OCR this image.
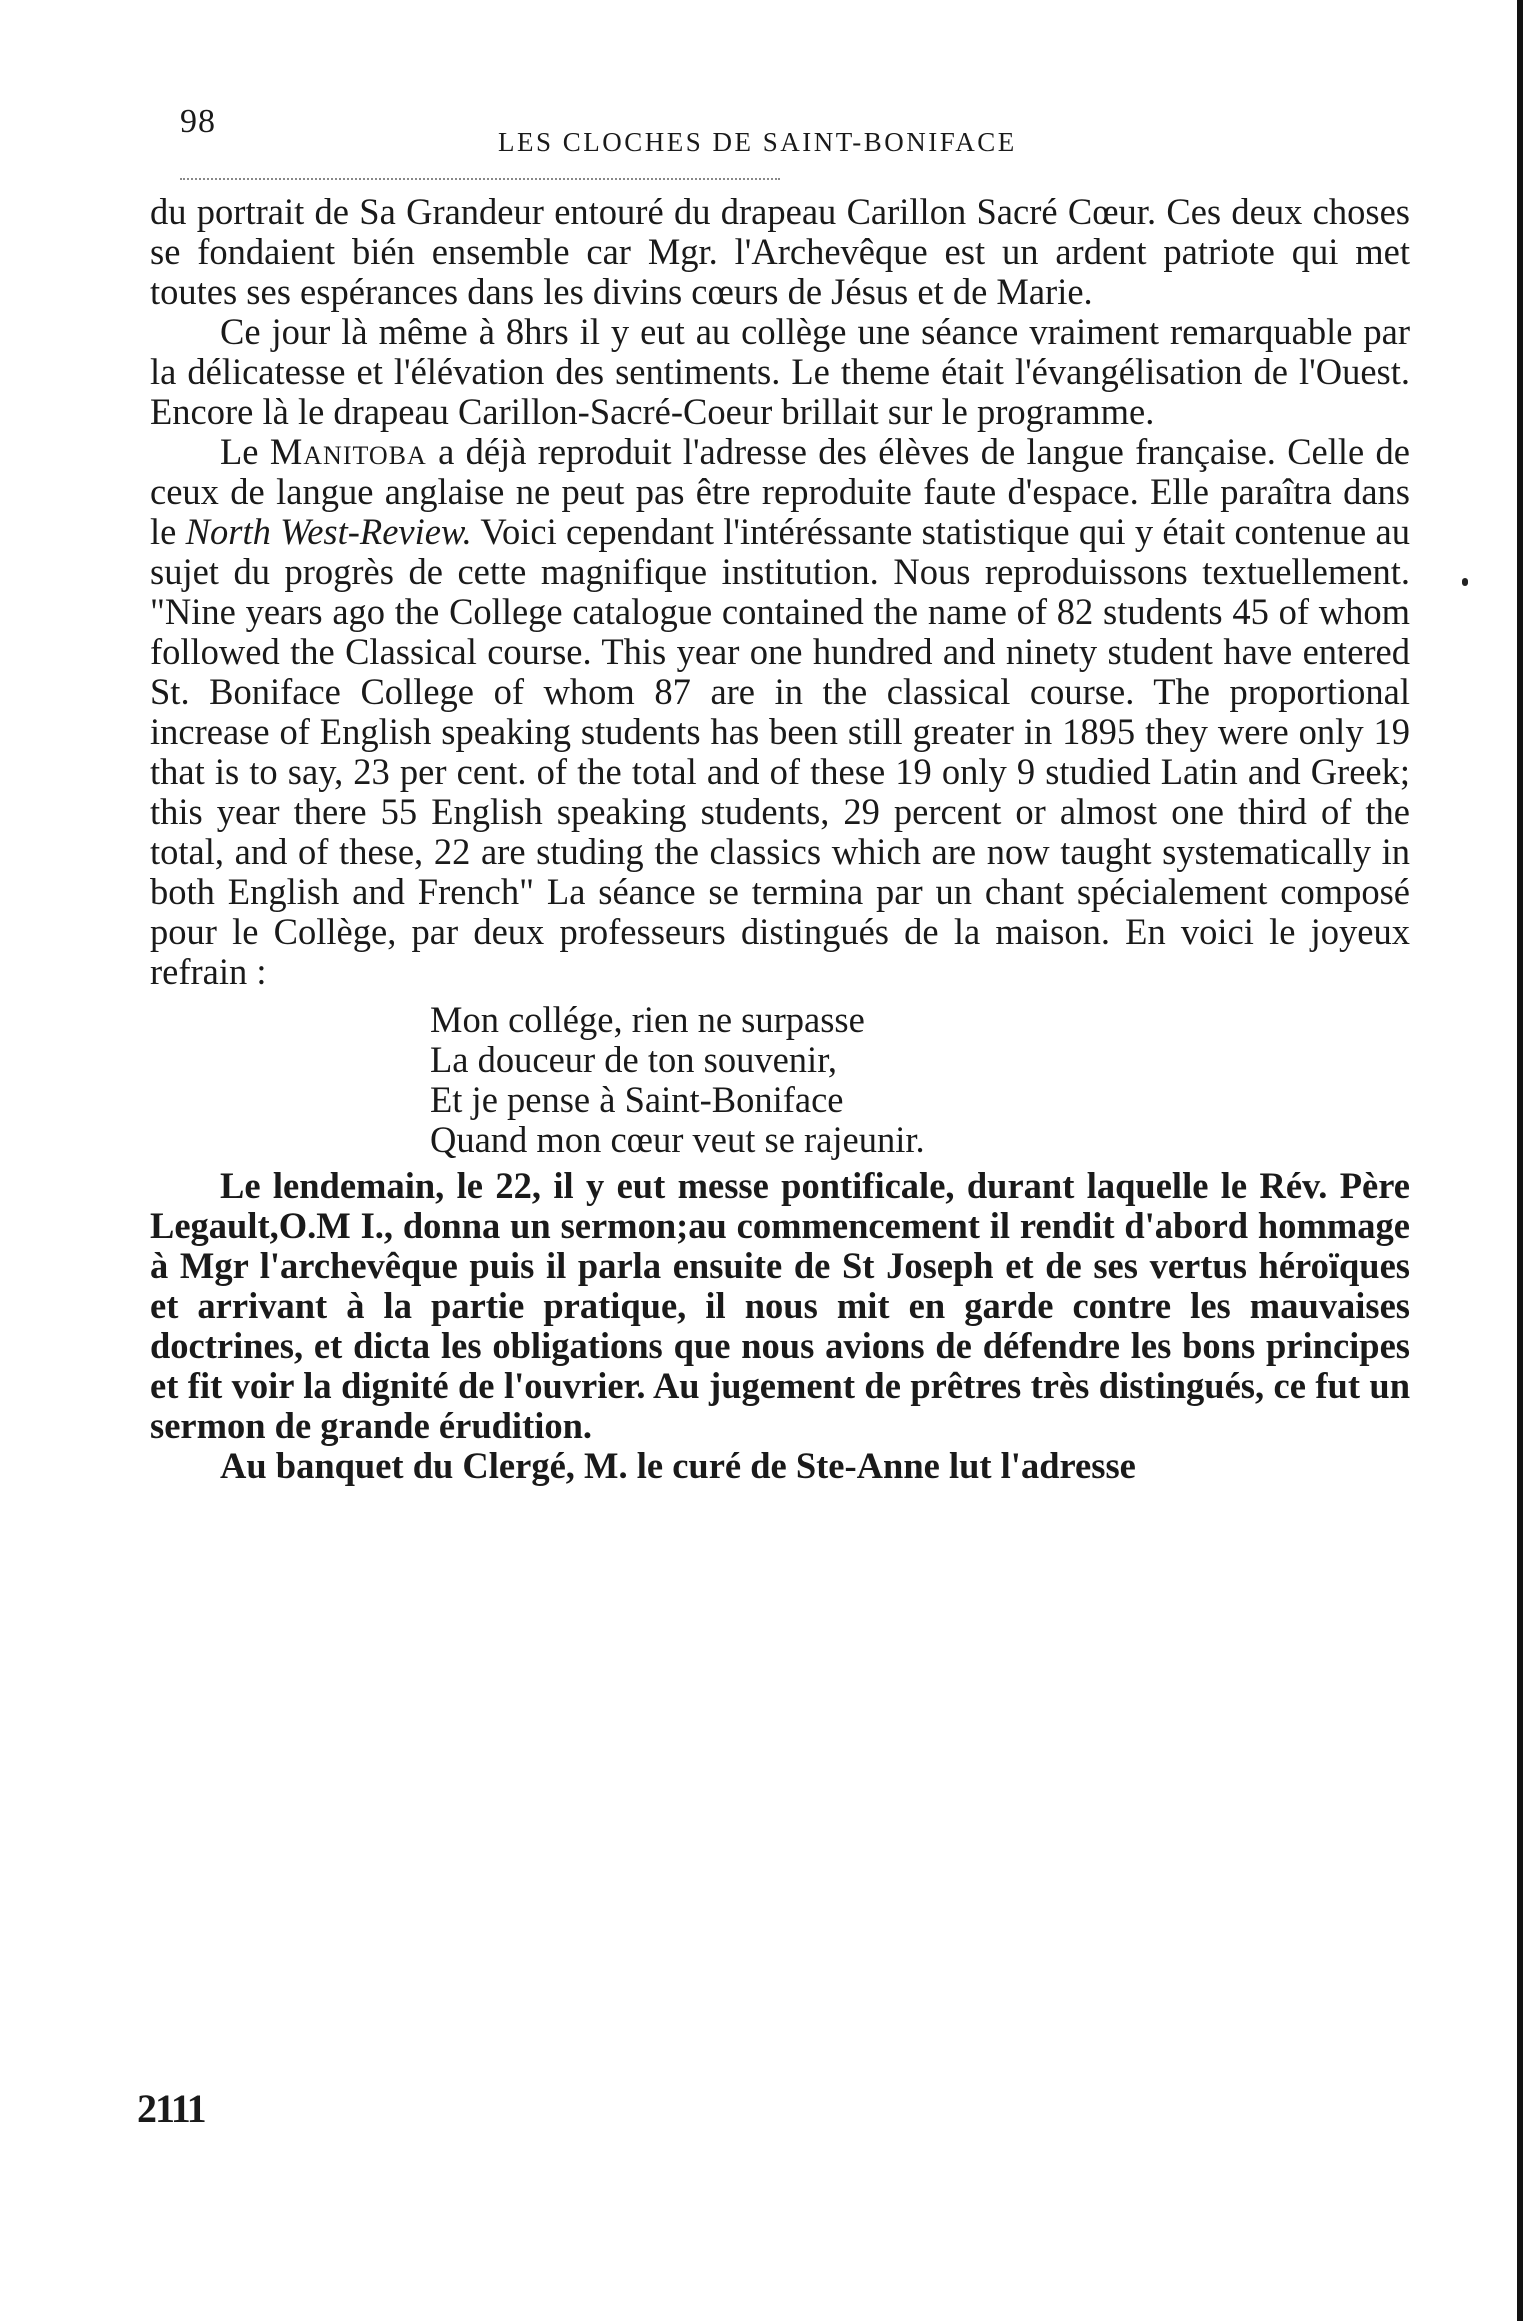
98
LES CLOCHES DE SAINT-BONIFACE

du portrait de Sa Grandeur entouré du drapeau Carillon Sacré Cœur. Ces deux choses se fondaient bién ensemble car Mgr. l'Archevêque est un ardent patriote qui met toutes ses espérances dans les divins cœurs de Jésus et de Marie.

Ce jour là même à 8hrs il y eut au collège une séance vraiment remarquable par la délicatesse et l'élévation des sentiments. Le theme était l'évangélisation de l'Ouest. Encore là le drapeau Carillon-Sacré-Coeur brillait sur le programme.

Le Manitoba a déjà reproduit l'adresse des élèves de langue française. Celle de ceux de langue anglaise ne peut pas être reproduite faute d'espace. Elle paraîtra dans le North West-Review. Voici cependant l'intéréssante statistique qui y était contenue au sujet du progrès de cette magnifique institution. Nous reproduissons textuellement. "Nine years ago the College catalogue contained the name of 82 students 45 of whom followed the Classical course. This year one hundred and ninety student have entered St. Boniface College of whom 87 are in the classical course. The proportional increase of English speaking students has been still greater in 1895 they were only 19 that is to say, 23 per cent. of the total and of these 19 only 9 studied Latin and Greek; this year there 55 English speaking students, 29 percent or almost one third of the total, and of these, 22 are studing the classics which are now taught systematically in both English and French" La séance se termina par un chant spécialement composé pour le Collège, par deux professeurs distingués de la maison. En voici le joyeux refrain :

Mon collége, rien ne surpasse
La douceur de ton souvenir,
Et je pense à Saint-Boniface
Quand mon cœur veut se rajeunir.

Le lendemain, le 22, il y eut messe pontificale, durant laquelle le Rév. Père Legault,O.M I., donna un sermon;au commencement il rendit d'abord hommage à Mgr l'archevêque puis il parla ensuite de St Joseph et de ses vertus héroïques et arrivant à la partie pratique, il nous mit en garde contre les mauvaises doctrines, et dicta les obligations que nous avions de défendre les bons principes et fit voir la dignité de l'ouvrier. Au jugement de prêtres très distingués, ce fut un sermon de grande érudition.

Au banquet du Clergé, M. le curé de Ste-Anne lut l'adresse

2111
